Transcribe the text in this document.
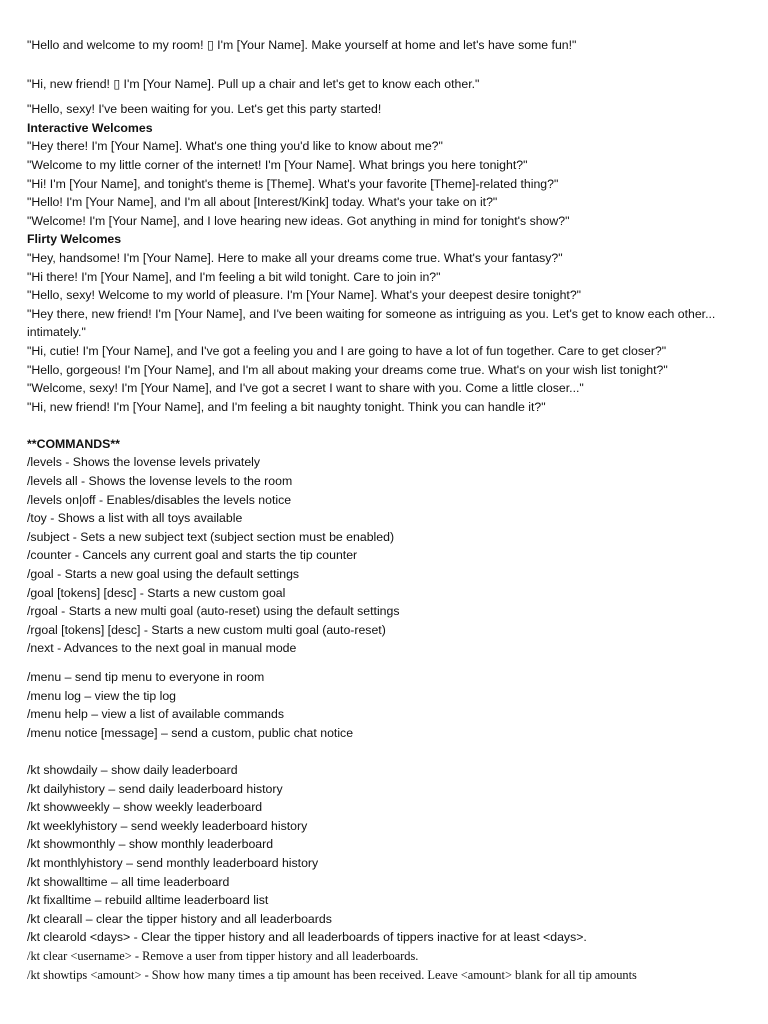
"Hello and welcome to my room! ▯ I'm [Your Name]. Make yourself at home and let's have some fun!"
"Hi, new friend! ▯ I'm [Your Name]. Pull up a chair and let's get to know each other."
"Hello, sexy! I've been waiting for you. Let's get this party started!
Interactive Welcomes
"Hey there! I'm [Your Name]. What's one thing you'd like to know about me?"
"Welcome to my little corner of the internet! I'm [Your Name]. What brings you here tonight?"
"Hi! I'm [Your Name], and tonight's theme is [Theme]. What's your favorite [Theme]-related thing?"
"Hello! I'm [Your Name], and I'm all about [Interest/Kink] today. What's your take on it?"
"Welcome! I'm [Your Name], and I love hearing new ideas. Got anything in mind for tonight's show?"
Flirty Welcomes
"Hey, handsome! I'm [Your Name]. Here to make all your dreams come true. What's your fantasy?"
"Hi there! I'm [Your Name], and I'm feeling a bit wild tonight. Care to join in?"
"Hello, sexy! Welcome to my world of pleasure. I'm [Your Name]. What's your deepest desire tonight?"
"Hey there, new friend! I'm [Your Name], and I've been waiting for someone as intriguing as you. Let's get to know each other... intimately."
"Hi, cutie! I'm [Your Name], and I've got a feeling you and I are going to have a lot of fun together. Care to get closer?"
"Hello, gorgeous! I'm [Your Name], and I'm all about making your dreams come true. What's on your wish list tonight?"
"Welcome, sexy! I'm [Your Name], and I've got a secret I want to share with you. Come a little closer..."
"Hi, new friend! I'm [Your Name], and I'm feeling a bit naughty tonight. Think you can handle it?"
**COMMANDS**
/levels - Shows the lovense levels privately
/levels all - Shows the lovense levels to the room
/levels on|off - Enables/disables the levels notice
/toy - Shows a list with all toys available
/subject - Sets a new subject text (subject section must be enabled)
/counter - Cancels any current goal and starts the tip counter
/goal - Starts a new goal using the default settings
/goal [tokens] [desc] - Starts a new custom goal
/rgoal - Starts a new multi goal (auto-reset) using the default settings
/rgoal [tokens] [desc] - Starts a new custom multi goal (auto-reset)
/next - Advances to the next goal in manual mode
/menu – send tip menu to everyone in room
/menu log – view the tip log
/menu help – view a list of available commands
/menu notice [message] – send a custom, public chat notice
/kt showdaily – show daily leaderboard
/kt dailyhistory – send daily leaderboard history
/kt showweekly – show weekly leaderboard
/kt weeklyhistory – send weekly leaderboard history
/kt showmonthly – show monthly leaderboard
/kt monthlyhistory – send monthly leaderboard history
/kt showalltime – all time leaderboard
/kt fixalltime – rebuild alltime leaderboard list
/kt clearall – clear the tipper history and all leaderboards
/kt clearold <days> - Clear the tipper history and all leaderboards of tippers inactive for at least <days>.
/kt clear <username> - Remove a user from tipper history and all leaderboards.
/kt showtips <amount> - Show how many times a tip amount has been received. Leave <amount> blank for all tip amounts
